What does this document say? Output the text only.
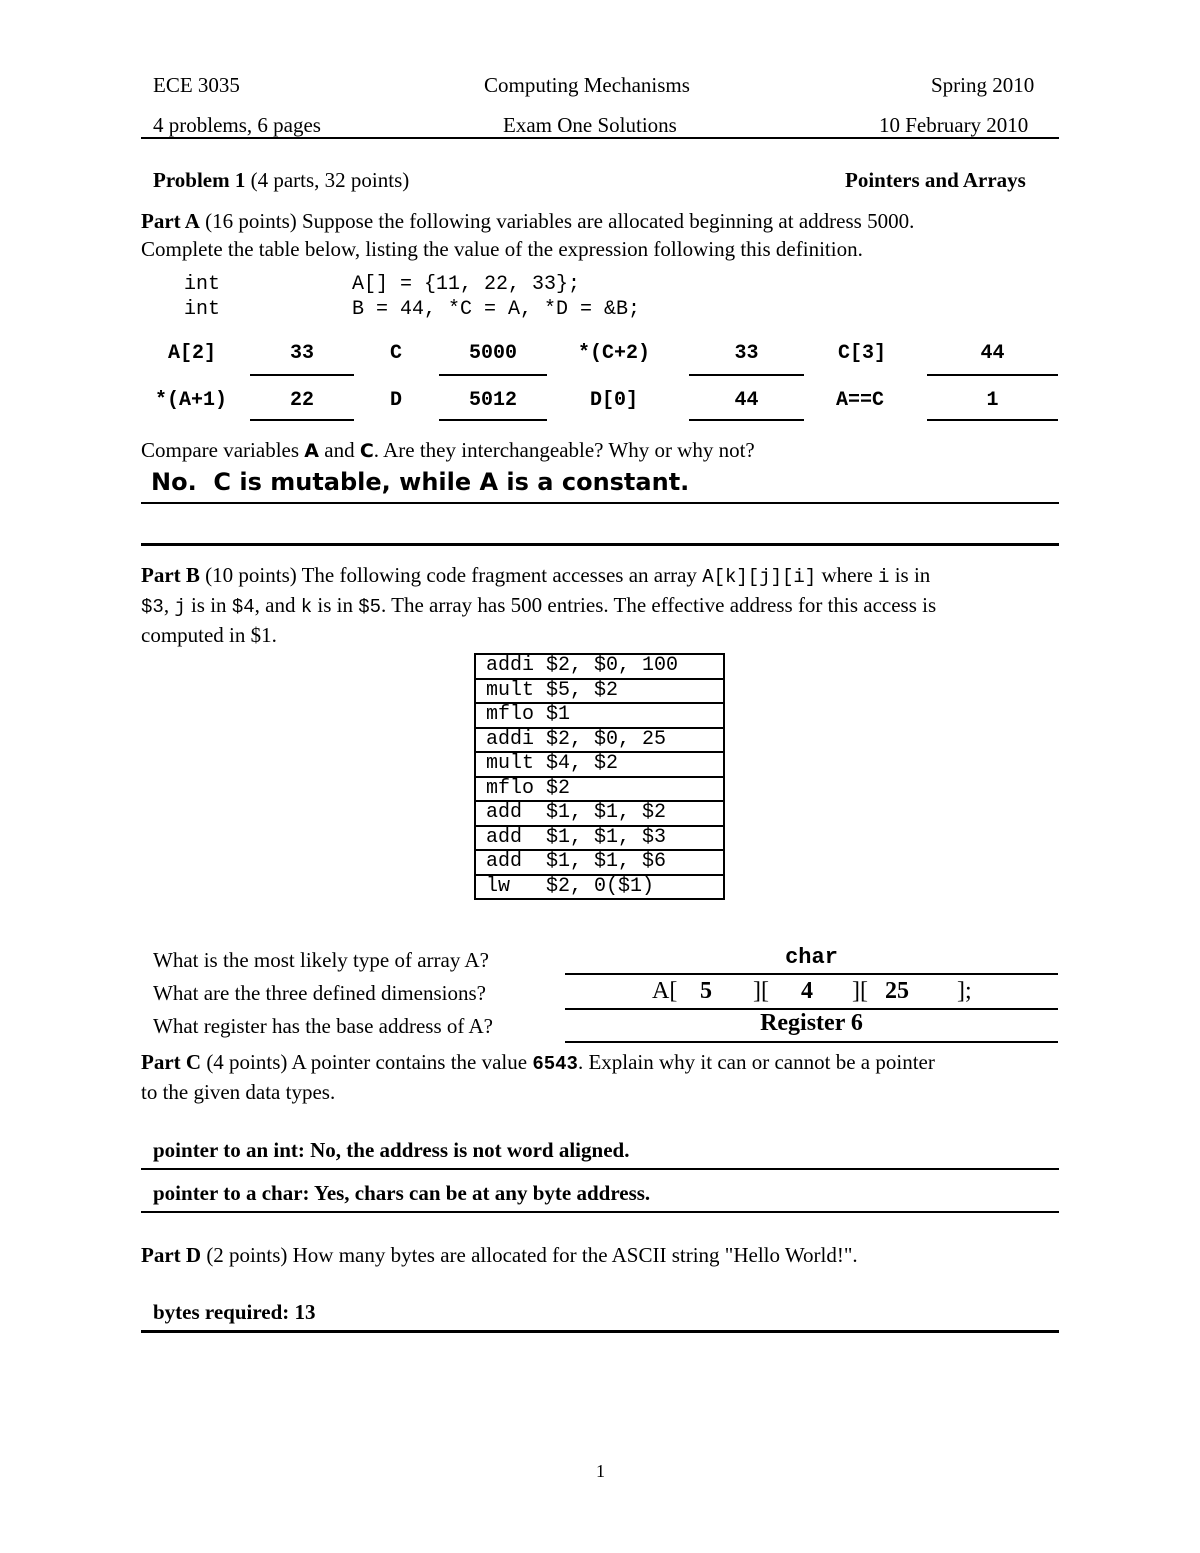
ECE 3035	Computing Mechanisms	Spring 2010
4 problems, 6 pages	Exam One Solutions	10 February 2010
Problem 1 (4 parts, 32 points)	Pointers and Arrays
Part A (16 points) Suppose the following variables are allocated beginning at address 5000.
Complete the table below, listing the value of the expression following this definition.
int	A[] = {11, 22, 33};
int	B = 44, *C = A, *D = &B;
A[2]	33	C	5000	*(C+2)	33	C[3]	44
*(A+1)	22	D	5012	D[0]	44	A==C	1
Compare variables A and C. Are they interchangeable? Why or why not?
No.  C is mutable, while A is a constant.
Part B (10 points) The following code fragment accesses an array A[k][j][i] where i is in
$3, j is in $4, and k is in $5. The array has 500 entries. The effective address for this access is
computed in $1.
addi $2, $0, 100
mult $5, $2
mflo $1
addi $2, $0, 25
mult $4, $2
mflo $2
add  $1, $1, $2
add  $1, $1, $3
add  $1, $1, $6
lw   $2, 0($1)
What is the most likely type of array A?	char
What are the three defined dimensions?	A[ 5 ][ 4 ][ 25 ];
What register has the base address of A?	Register 6
Part C (4 points) A pointer contains the value 6543. Explain why it can or cannot be a pointer
to the given data types.
pointer to an int: No, the address is not word aligned.
pointer to a char: Yes, chars can be at any byte address.
Part D (2 points) How many bytes are allocated for the ASCII string "Hello World!".
bytes required: 13
1
